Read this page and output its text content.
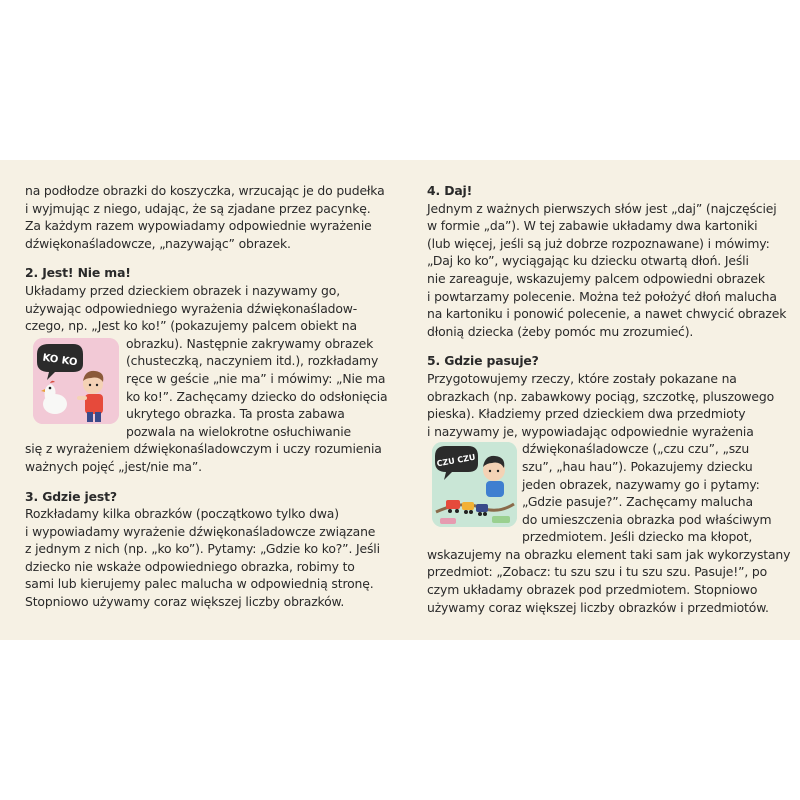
na podłodze obrazki do koszyczka, wrzucając je do pudełka
i wyjmując z niego, udając, że są zjadane przez pacynkę.
Za każdym razem wypowiadamy odpowiednie wyrażenie
dźwiękonaśladowcze, „nazywając” obrazek.
2. Jest! Nie ma!
Układamy przed dzieckiem obrazek i nazywamy go,
używając odpowiedniego wyrażenia dźwiękonaśladow-
czego, np. „Jest ko ko!” (pokazujemy palcem obiekt na
obrazku). Następnie zakrywamy obrazek
(chusteczką, naczyniem itd.), rozkładamy
ręce w geście „nie ma” i mówimy: „Nie ma
ko ko!”. Zachęcamy dziecko do odsłonięcia
ukrytego obrazka. Ta prosta zabawa
pozwala na wielokrotne osłuchiwanie
się z wyrażeniem dźwiękonaśladowczym i uczy rozumienia
ważnych pojęć „jest/nie ma”.
3. Gdzie jest?
Rozkładamy kilka obrazków (początkowo tylko dwa)
i wypowiadamy wyrażenie dźwiękonaśladowcze związane
z jednym z nich (np. „ko ko”). Pytamy: „Gdzie ko ko?”. Jeśli
dziecko nie wskaże odpowiedniego obrazka, robimy to
sami lub kierujemy palec malucha w odpowiednią stronę.
Stopniowo używamy coraz większej liczby obrazków.
KO KO
4. Daj!
Jednym z ważnych pierwszych słów jest „daj” (najczęściej
w formie „da”). W tej zabawie układamy dwa kartoniki
(lub więcej, jeśli są już dobrze rozpoznawane) i mówimy:
„Daj ko ko”, wyciągając ku dziecku otwartą dłoń. Jeśli
nie zareaguje, wskazujemy palcem odpowiedni obrazek
i powtarzamy polecenie. Można też położyć dłoń malucha
na kartoniku i ponowić polecenie, a nawet chwycić obrazek
dłonią dziecka (żeby pomóc mu zrozumieć).
5. Gdzie pasuje?
Przygotowujemy rzeczy, które zostały pokazane na
obrazkach (np. zabawkowy pociąg, szczotkę, pluszowego
pieska). Kładziemy przed dzieckiem dwa przedmioty
i nazywamy je, wypowiadając odpowiednie wyrażenia
dźwiękonaśladowcze („czu czu”, „szu
szu”, „hau hau”). Pokazujemy dziecku
jeden obrazek, nazywamy go i pytamy:
„Gdzie pasuje?”. Zachęcamy malucha
do umieszczenia obrazka pod właściwym
przedmiotem. Jeśli dziecko ma kłopot,
wskazujemy na obrazku element taki sam jak wykorzystany
przedmiot: „Zobacz: tu szu szu i tu szu szu. Pasuje!”, po
czym układamy obrazek pod przedmiotem. Stopniowo
używamy coraz większej liczby obrazków i przedmiotów.
CZU CZU
